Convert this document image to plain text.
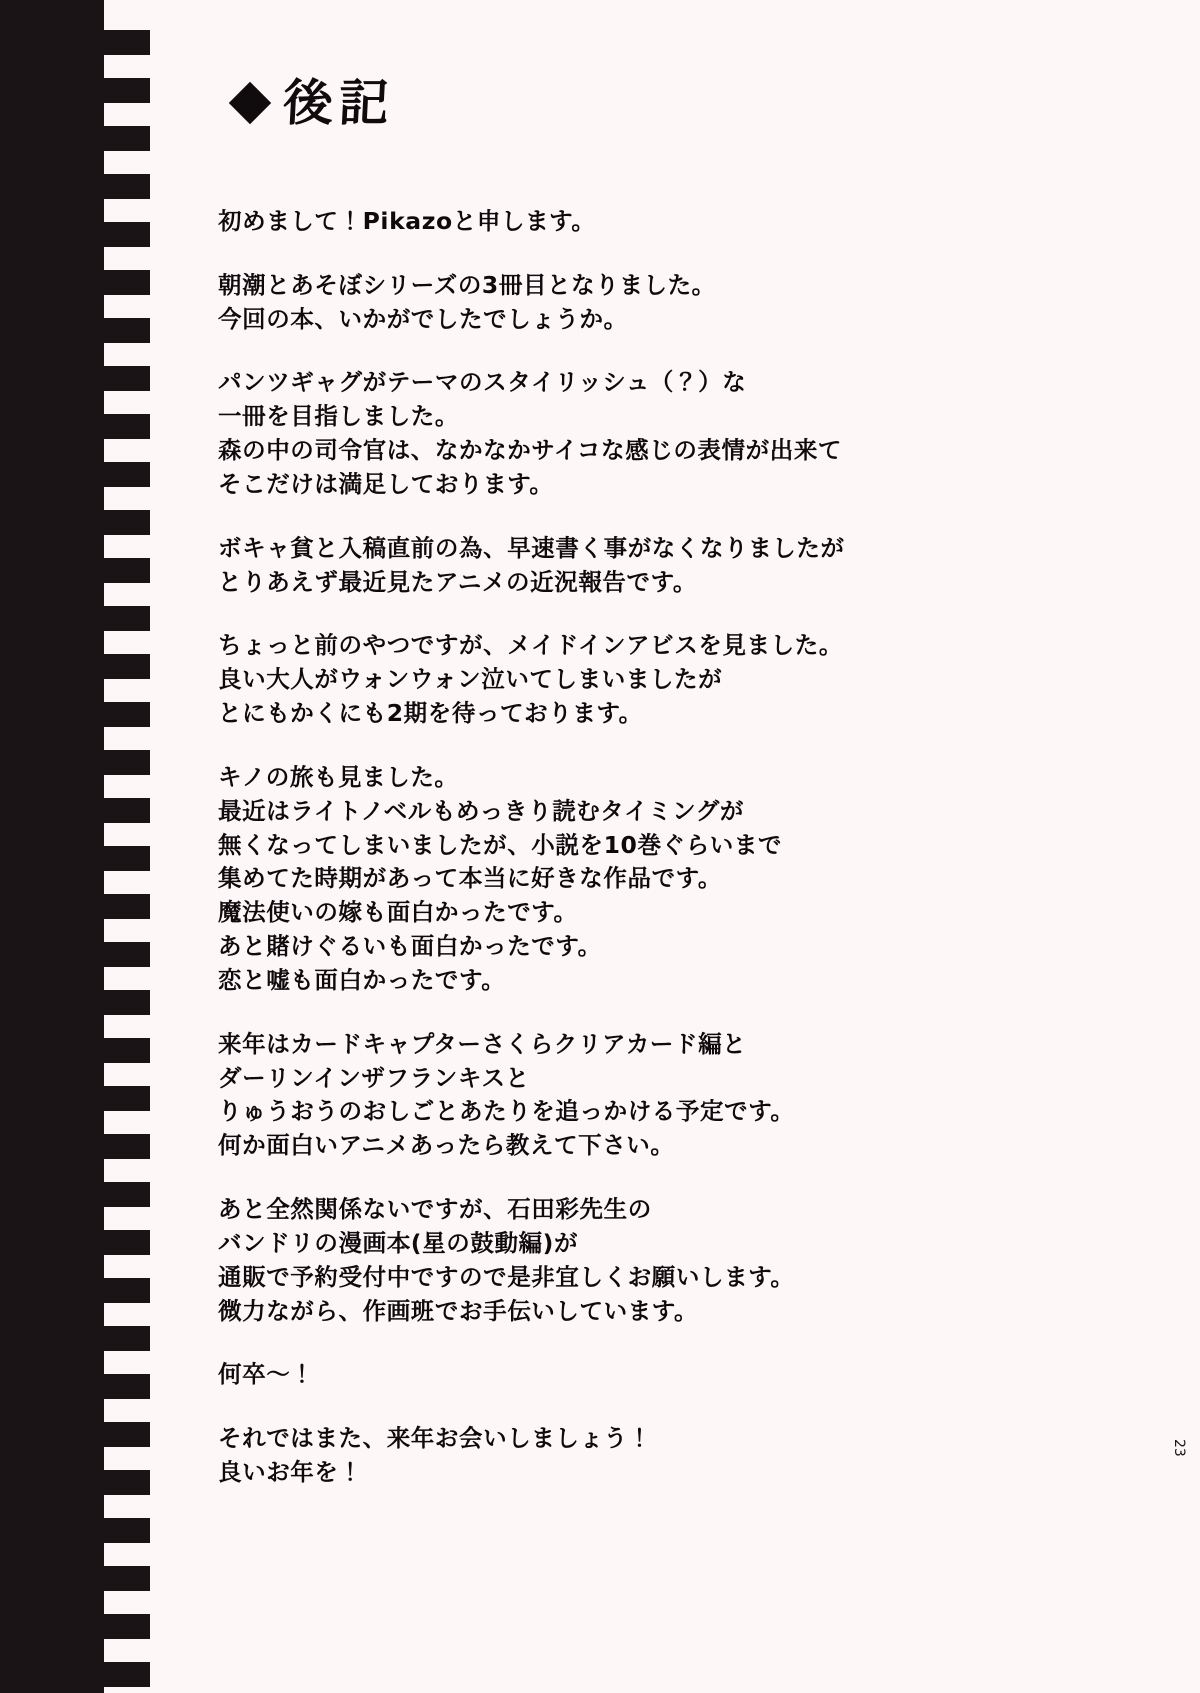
後記
初めまして！Pikazoと申します。
朝潮とあそぼシリーズの3冊目となりました。
今回の本、いかがでしたでしょうか。
パンツギャグがテーマのスタイリッシュ（？）な
一冊を目指しました。
森の中の司令官は、なかなかサイコな感じの表情が出来て
そこだけは満足しております。
ボキャ貧と入稿直前の為、早速書く事がなくなりましたが
とりあえず最近見たアニメの近況報告です。
ちょっと前のやつですが、メイドインアビスを見ました。
良い大人がウォンウォン泣いてしまいましたが
とにもかくにも2期を待っております。
キノの旅も見ました。
最近はライトノベルもめっきり読むタイミングが
無くなってしまいましたが、小説を10巻ぐらいまで
集めてた時期があって本当に好きな作品です。
魔法使いの嫁も面白かったです。
あと賭けぐるいも面白かったです。
恋と嘘も面白かったです。
来年はカードキャプターさくらクリアカード編と
ダーリンインザフランキスと
りゅうおうのおしごとあたりを追っかける予定です。
何か面白いアニメあったら教えて下さい。
あと全然関係ないですが、石田彩先生の
バンドリの漫画本(星の鼓動編)が
通販で予約受付中ですので是非宜しくお願いします。
微力ながら、作画班でお手伝いしています。
何卒〜！
それではまた、来年お会いしましょう！
良いお年を！
23
